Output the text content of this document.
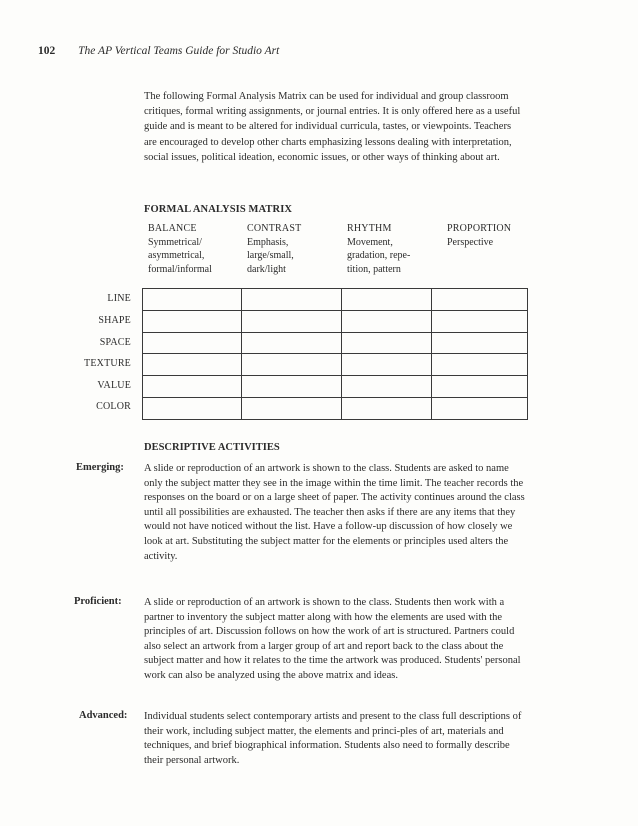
102 The AP Vertical Teams Guide for Studio Art

The following Formal Analysis Matrix can be used for individual and group classroom critiques, formal writing assignments, or journal entries. It is only offered here as a useful guide and is meant to be altered for individual curricula, tastes, or viewpoints. Teachers are encouraged to develop other charts emphasizing lessons dealing with interpretation, social issues, political ideation, economic issues, or other ways of thinking about art.

FORMAL ANALYSIS MATRIX
BALANCE
Symmetrical/
asymmetrical,
formal/informal
CONTRAST
Emphasis,
large/small,
dark/light
RHYTHM
Movement,
gradation, repe-
tition, pattern
PROPORTION
Perspective
LINE
SHAPE
SPACE
TEXTURE
VALUE
COLOR
DESCRIPTIVE ACTIVITIES
Emerging: A slide or reproduction of an artwork is shown to the class. Students are asked to name only the subject matter they see in the image within the time limit. The teacher records the responses on the board or on a large sheet of paper. The activity continues around the class until all possibilities are exhausted. The teacher then asks if there are any items that they would not have noticed without the list. Have a follow-up discussion of how closely we look at art. Substituting the subject matter for the elements or principles used alters the activity.

Proficient: A slide or reproduction of an artwork is shown to the class. Students then work with a partner to inventory the subject matter along with how the elements are used with the principles of art. Discussion follows on how the work of art is structured. Partners could also select an artwork from a larger group of art and report back to the class about the subject matter and how it relates to the time the artwork was produced. Students' personal work can also be analyzed using the above matrix and ideas.

Advanced: Individual students select contemporary artists and present to the class full descriptions of their work, including subject matter, the elements and princi-ples of art, materials and techniques, and brief biographical information. Students also need to formally describe their personal artwork.
